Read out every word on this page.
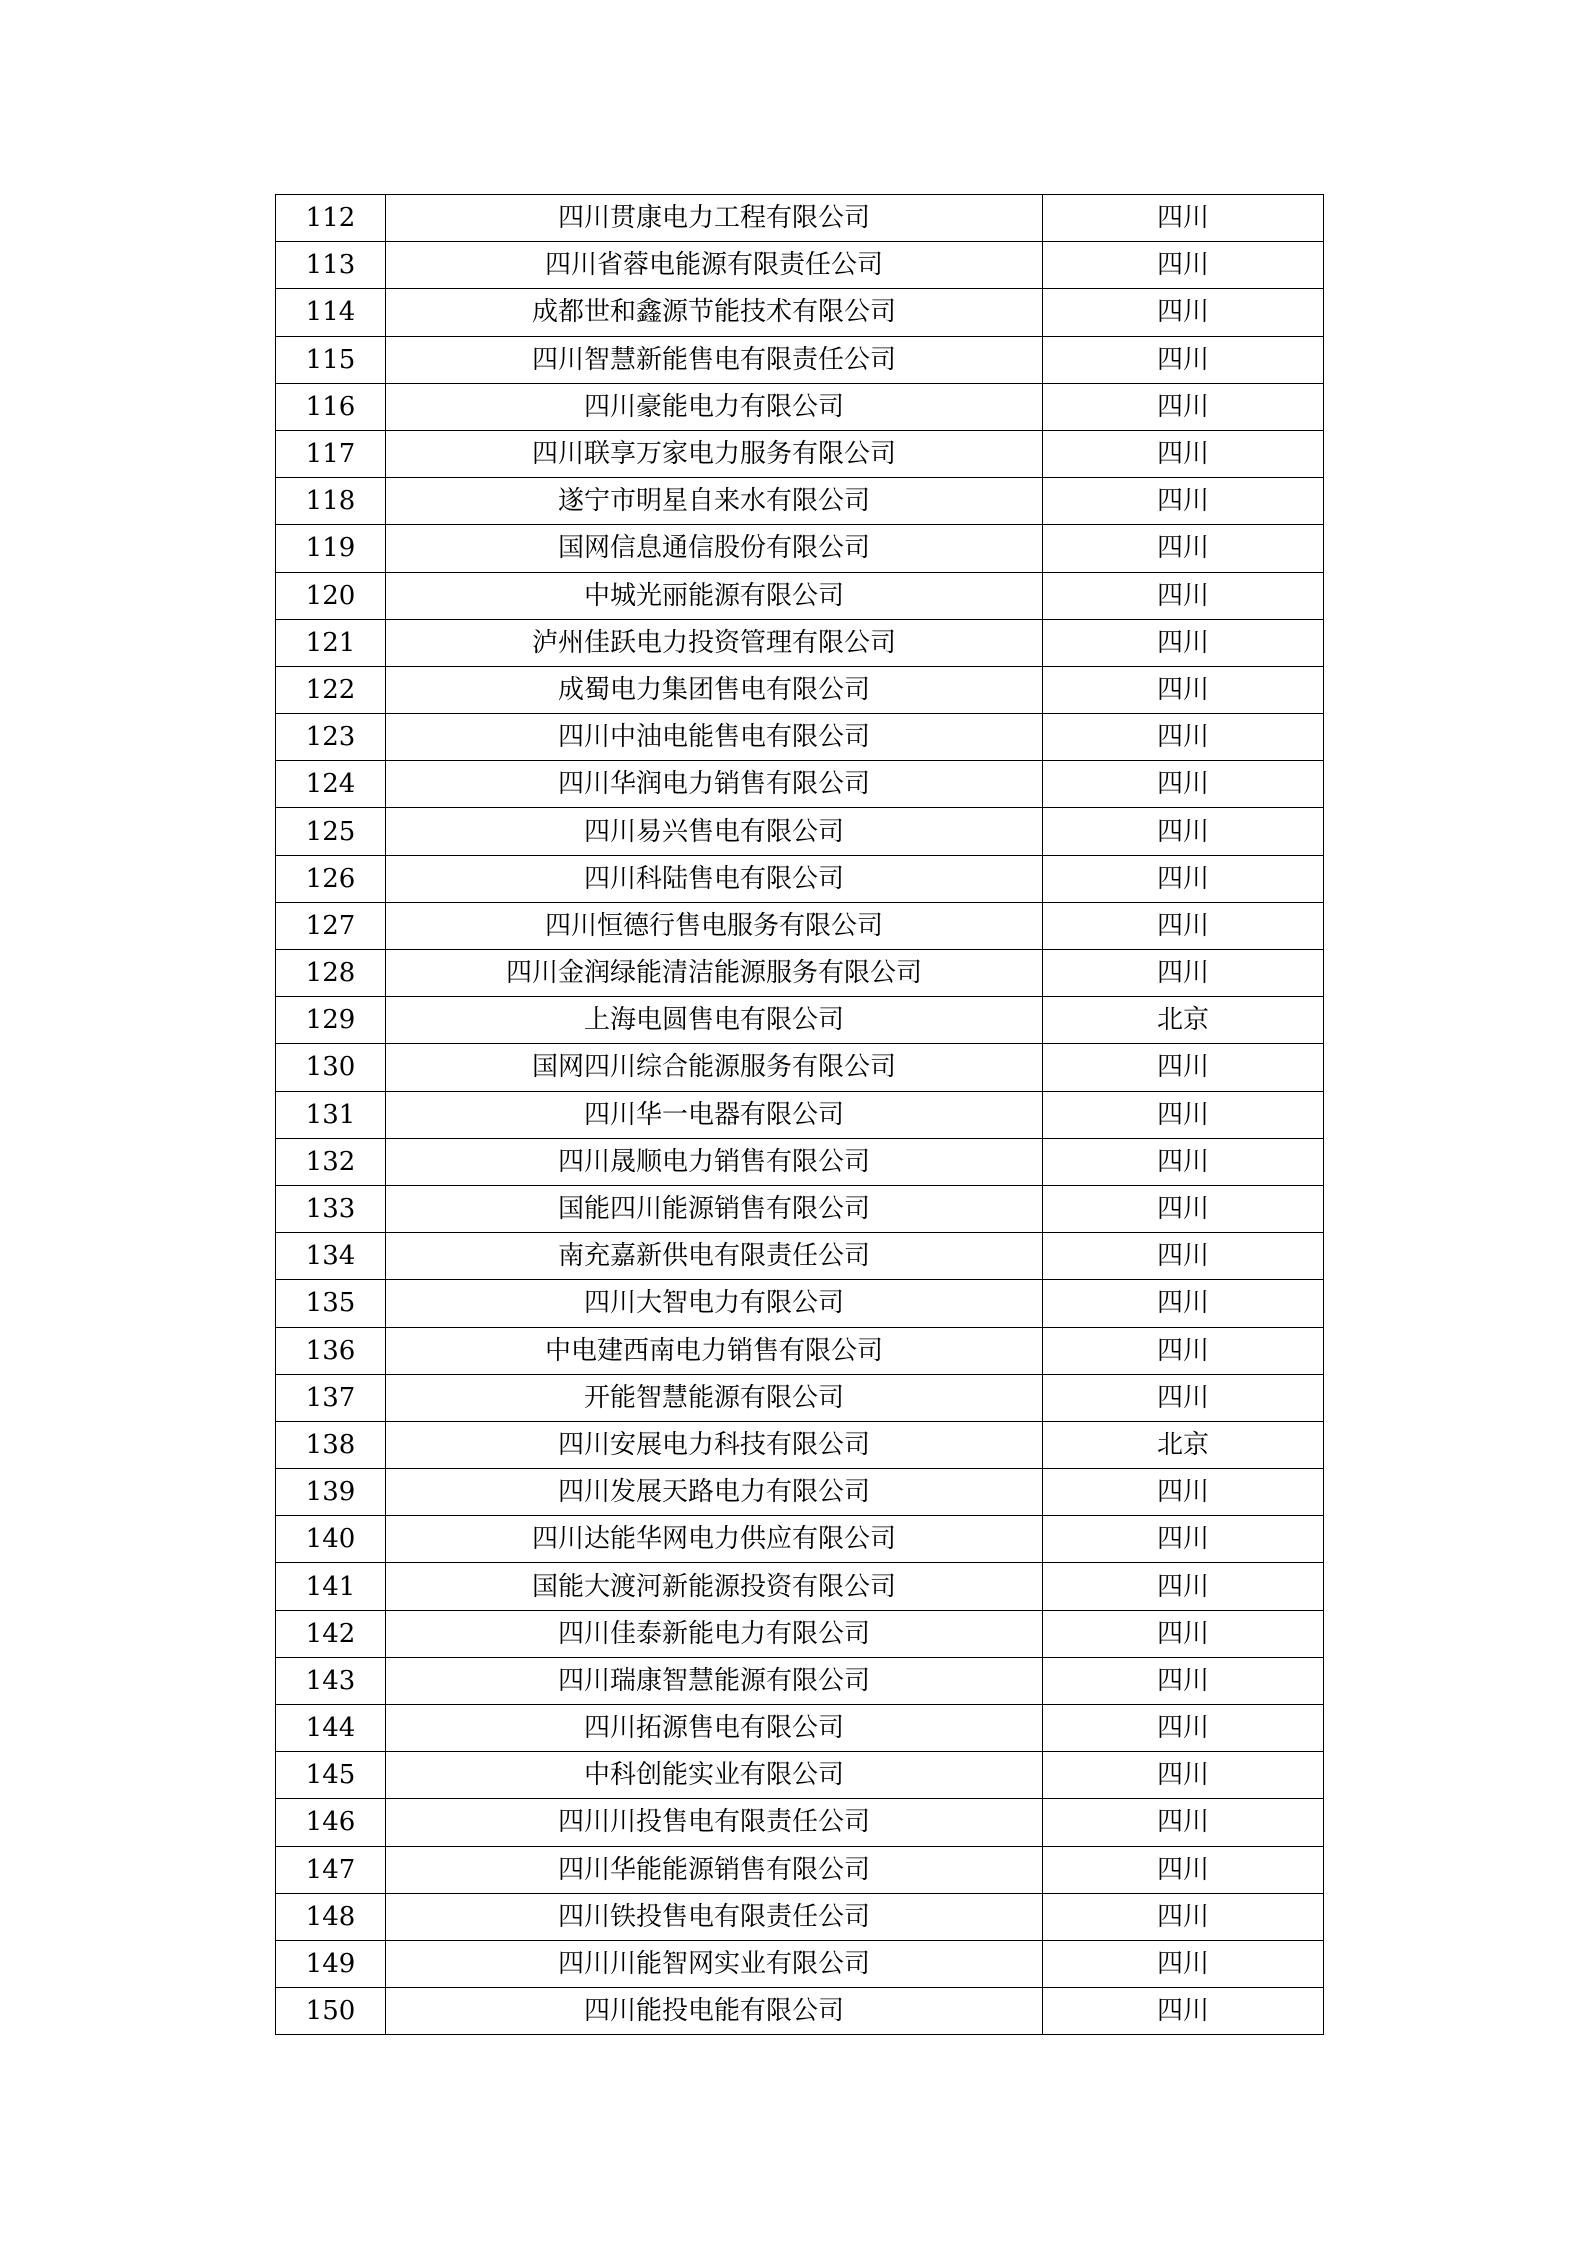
112	四川贯康电力工程有限公司	四川
113	四川省蓉电能源有限责任公司	四川
114	成都世和鑫源节能技术有限公司	四川
115	四川智慧新能售电有限责任公司	四川
116	四川豪能电力有限公司	四川
117	四川联享万家电力服务有限公司	四川
118	遂宁市明星自来水有限公司	四川
119	国网信息通信股份有限公司	四川
120	中城光丽能源有限公司	四川
121	泸州佳跃电力投资管理有限公司	四川
122	成蜀电力集团售电有限公司	四川
123	四川中油电能售电有限公司	四川
124	四川华润电力销售有限公司	四川
125	四川易兴售电有限公司	四川
126	四川科陆售电有限公司	四川
127	四川恒德行售电服务有限公司	四川
128	四川金润绿能清洁能源服务有限公司	四川
129	上海电圆售电有限公司	北京
130	国网四川综合能源服务有限公司	四川
131	四川华一电器有限公司	四川
132	四川晟顺电力销售有限公司	四川
133	国能四川能源销售有限公司	四川
134	南充嘉新供电有限责任公司	四川
135	四川大智电力有限公司	四川
136	中电建西南电力销售有限公司	四川
137	开能智慧能源有限公司	四川
138	四川安展电力科技有限公司	北京
139	四川发展天路电力有限公司	四川
140	四川达能华网电力供应有限公司	四川
141	国能大渡河新能源投资有限公司	四川
142	四川佳泰新能电力有限公司	四川
143	四川瑞康智慧能源有限公司	四川
144	四川拓源售电有限公司	四川
145	中科创能实业有限公司	四川
146	四川川投售电有限责任公司	四川
147	四川华能能源销售有限公司	四川
148	四川铁投售电有限责任公司	四川
149	四川川能智网实业有限公司	四川
150	四川能投电能有限公司	四川
